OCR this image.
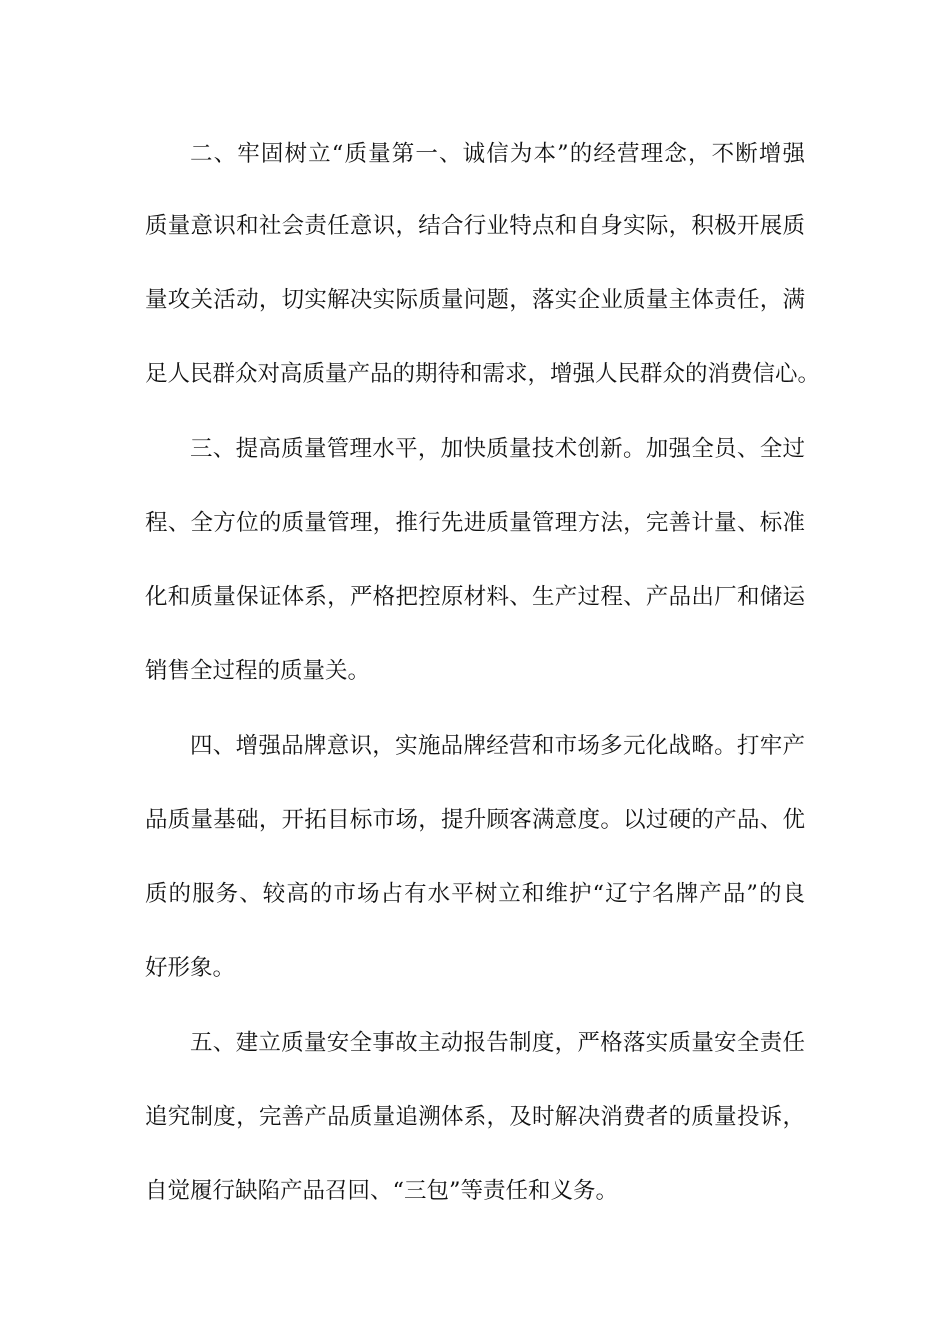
二、牢固树立“质量第一、诚信为本”的经营理念，不断增强
质量意识和社会责任意识，结合行业特点和自身实际，积极开展质
量攻关活动，切实解决实际质量问题，落实企业质量主体责任，满
足人民群众对高质量产品的期待和需求，增强人民群众的消费信心。
三、提高质量管理水平，加快质量技术创新。加强全员、全过
程、全方位的质量管理，推行先进质量管理方法，完善计量、标准
化和质量保证体系，严格把控原材料、生产过程、产品出厂和储运
销售全过程的质量关。
四、增强品牌意识，实施品牌经营和市场多元化战略。打牢产
品质量基础，开拓目标市场，提升顾客满意度。以过硬的产品、优
质的服务、较高的市场占有水平树立和维护“辽宁名牌产品”的良
好形象。
五、建立质量安全事故主动报告制度，严格落实质量安全责任
追究制度，完善产品质量追溯体系，及时解决消费者的质量投诉，
自觉履行缺陷产品召回、“三包”等责任和义务。
